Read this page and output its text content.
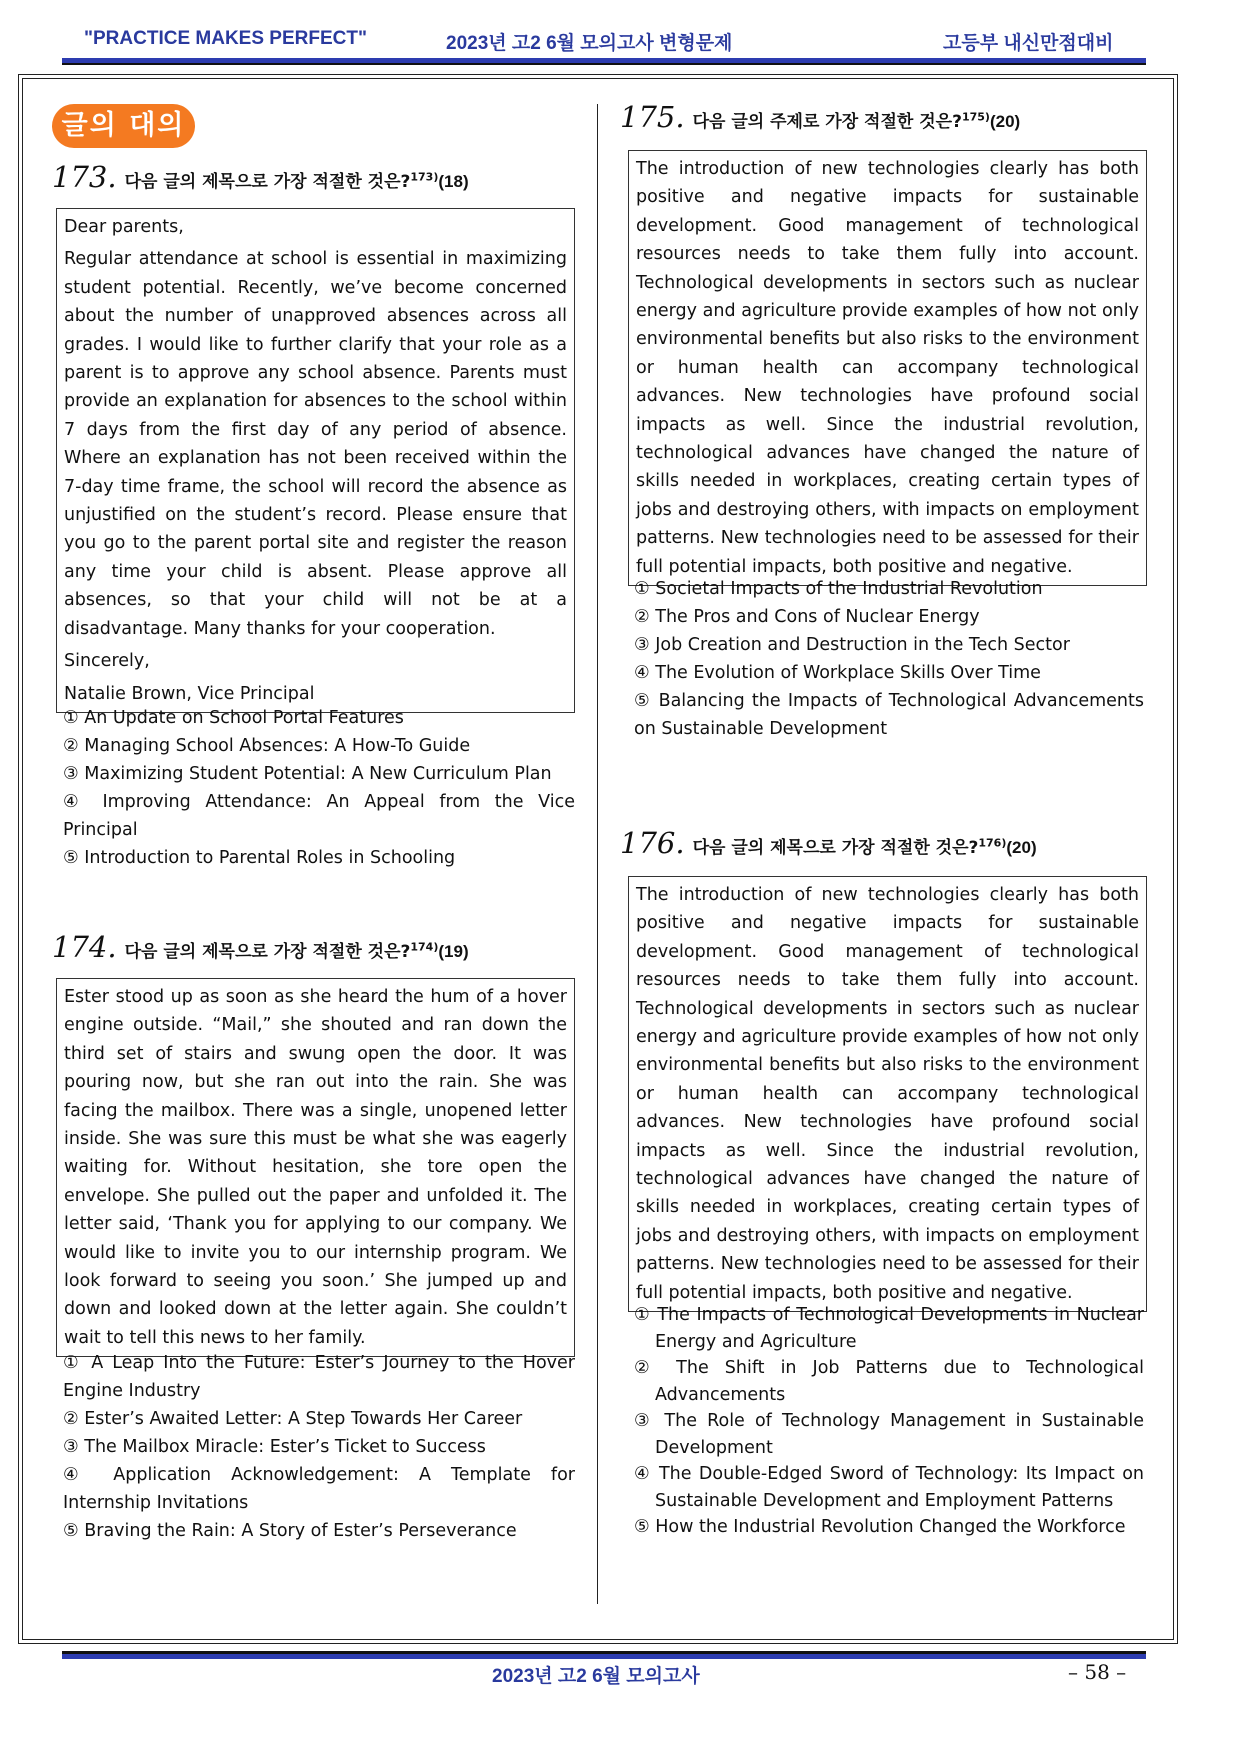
"PRACTICE MAKES PERFECT"	2023년 고2 6월 모의고사 변형문제	고등부 내신만점대비
글의 대의
173. 다음 글의 제목으로 가장 적절한 것은?$^{173)}$(18)

Dear parents,

Regular attendance at school is essential in maximizing student potential. Recently, we’ve become concerned about the number of unapproved absences across all grades. I would like to further clarify that your role as a parent is to approve any school absence. Parents must provide an explanation for absences to the school within 7 days from the first day of any period of absence. Where an explanation has not been received within the 7-day time frame, the school will record the absence as unjustified on the student’s record. Please ensure that you go to the parent portal site and register the reason any time your child is absent. Please approve all absences, so that your child will not be at a disadvantage. Many thanks for your cooperation.

Sincerely,

Natalie Brown, Vice Principal

① An Update on School Portal Features
② Managing School Absences: A How-To Guide
③ Maximizing Student Potential: A New Curriculum Plan
④ Improving Attendance: An Appeal from the Vice Principal
⑤ Introduction to Parental Roles in Schooling
174. 다음 글의 제목으로 가장 적절한 것은?$^{174)}$(19)

Ester stood up as soon as she heard the hum of a hover engine outside. “Mail,” she shouted and ran down the third set of stairs and swung open the door. It was pouring now, but she ran out into the rain. She was facing the mailbox. There was a single, unopened letter inside. She was sure this must be what she was eagerly waiting for. Without hesitation, she tore open the envelope. She pulled out the paper and unfolded it. The letter said, ‘Thank you for applying to our company. We would like to invite you to our internship program. We look forward to seeing you soon.’ She jumped up and down and looked down at the letter again. She couldn’t wait to tell this news to her family.

① A Leap Into the Future: Ester’s Journey to the Hover Engine Industry
② Ester’s Awaited Letter: A Step Towards Her Career
③ The Mailbox Miracle: Ester’s Ticket to Success
④ Application Acknowledgement: A Template for Internship Invitations
⑤ Braving the Rain: A Story of Ester’s Perseverance
175. 다음 글의 주제로 가장 적절한 것은?$^{175)}$(20)

The introduction of new technologies clearly has both positive and negative impacts for sustainable development. Good management of technological resources needs to take them fully into account. Technological developments in sectors such as nuclear energy and agriculture provide examples of how not only environmental benefits but also risks to the environment or human health can accompany technological advances. New technologies have profound social impacts as well. Since the industrial revolution, technological advances have changed the nature of skills needed in workplaces, creating certain types of jobs and destroying others, with impacts on employment patterns. New technologies need to be assessed for their full potential impacts, both positive and negative.

① Societal Impacts of the Industrial Revolution
② The Pros and Cons of Nuclear Energy
③ Job Creation and Destruction in the Tech Sector
④ The Evolution of Workplace Skills Over Time
⑤ Balancing the Impacts of Technological Advancements on Sustainable Development
176. 다음 글의 제목으로 가장 적절한 것은?$^{176)}$(20)

The introduction of new technologies clearly has both positive and negative impacts for sustainable development. Good management of technological resources needs to take them fully into account. Technological developments in sectors such as nuclear energy and agriculture provide examples of how not only environmental benefits but also risks to the environment or human health can accompany technological advances. New technologies have profound social impacts as well. Since the industrial revolution, technological advances have changed the nature of skills needed in workplaces, creating certain types of jobs and destroying others, with impacts on employment patterns. New technologies need to be assessed for their full potential impacts, both positive and negative.

① The Impacts of Technological Developments in Nuclear Energy and Agriculture
② The Shift in Job Patterns due to Technological Advancements
③ The Role of Technology Management in Sustainable Development
④ The Double-Edged Sword of Technology: Its Impact on Sustainable Development and Employment Patterns
⑤ How the Industrial Revolution Changed the Workforce
2023년 고2 6월 모의고사	– 58 –
